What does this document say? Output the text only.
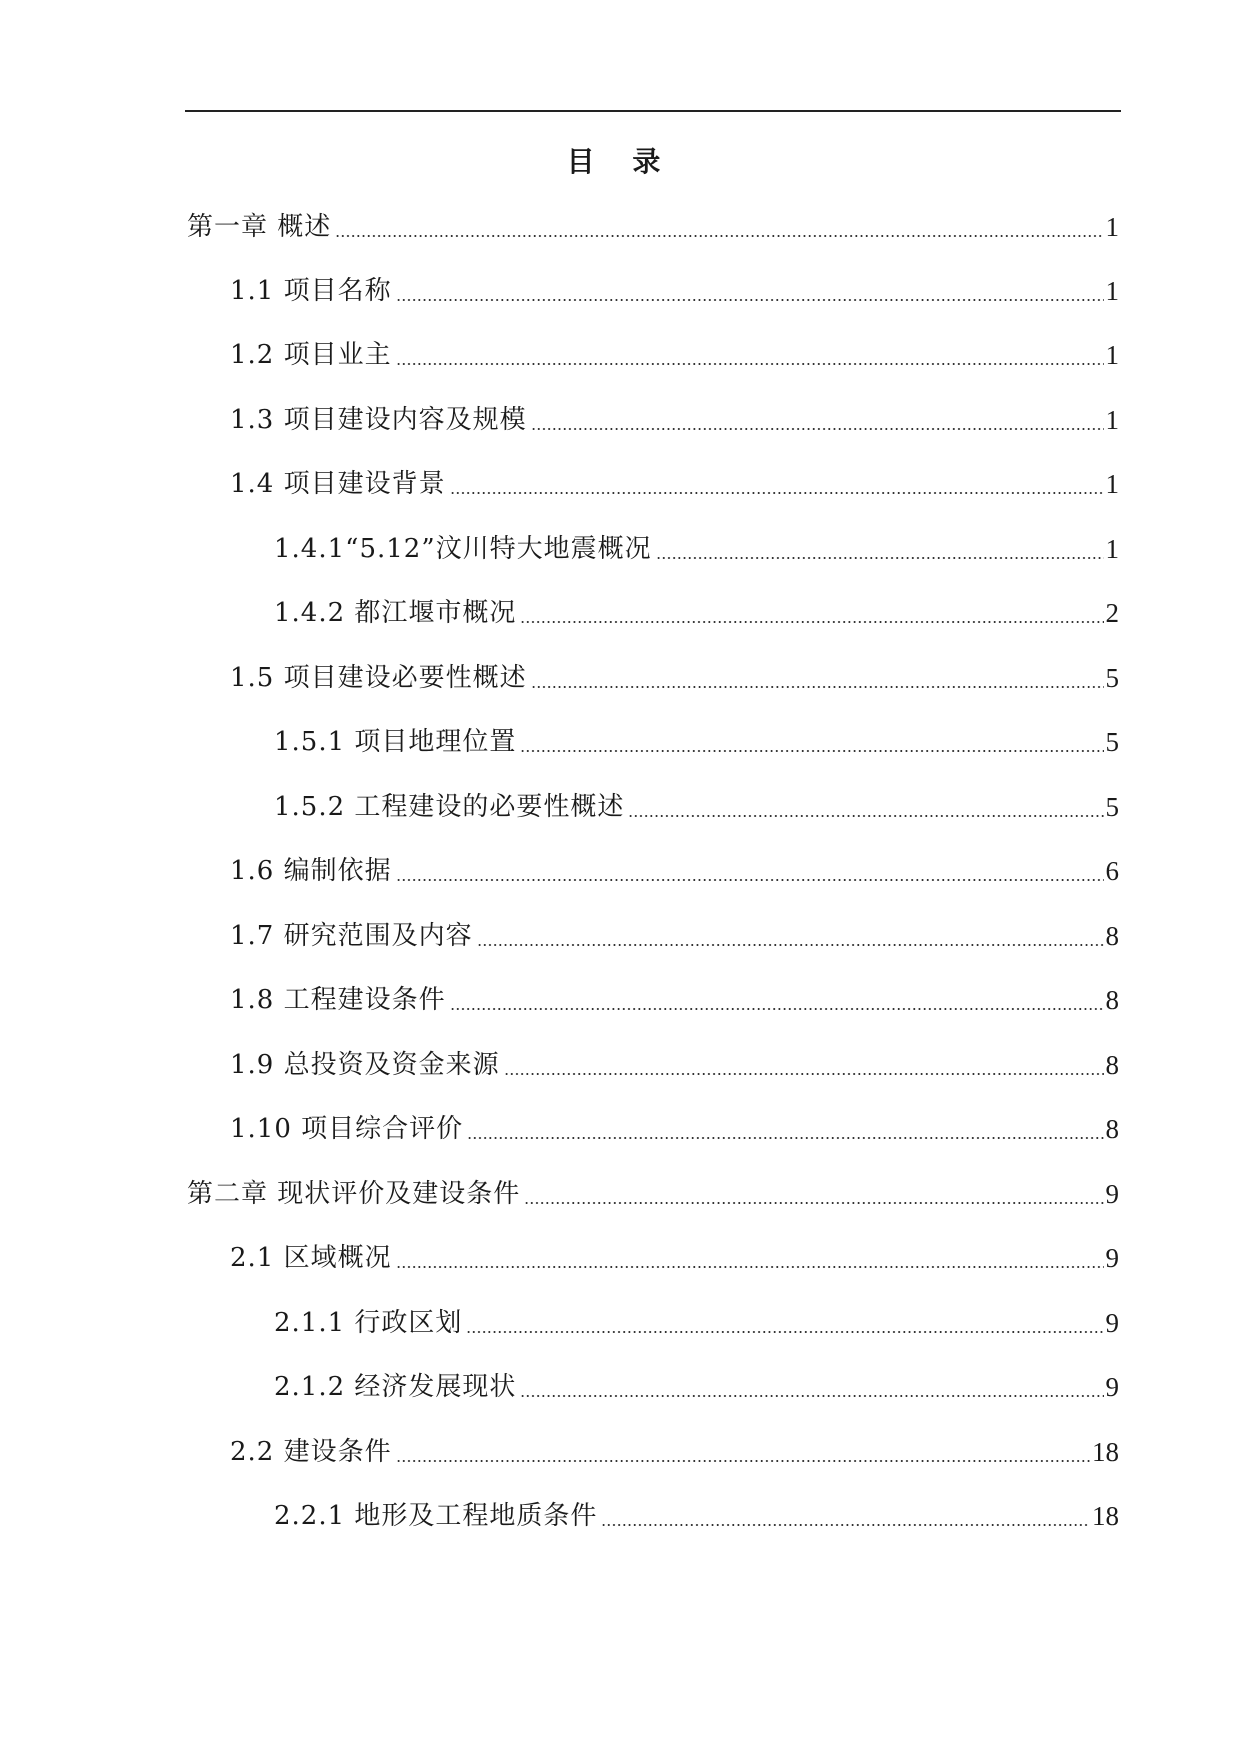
目 录
第一章 概述	1
1.1 项目名称	1
1.2 项目业主	1
1.3 项目建设内容及规模	1
1.4 项目建设背景	1
1.4.1“5.12”汶川特大地震概况	1
1.4.2 都江堰市概况	2
1.5 项目建设必要性概述	5
1.5.1 项目地理位置	5
1.5.2 工程建设的必要性概述	5
1.6 编制依据	6
1.7 研究范围及内容	8
1.8 工程建设条件	8
1.9 总投资及资金来源	8
1.10 项目综合评价	8
第二章 现状评价及建设条件	9
2.1 区域概况	9
2.1.1 行政区划	9
2.1.2 经济发展现状	9
2.2 建设条件	18
2.2.1 地形及工程地质条件	18
